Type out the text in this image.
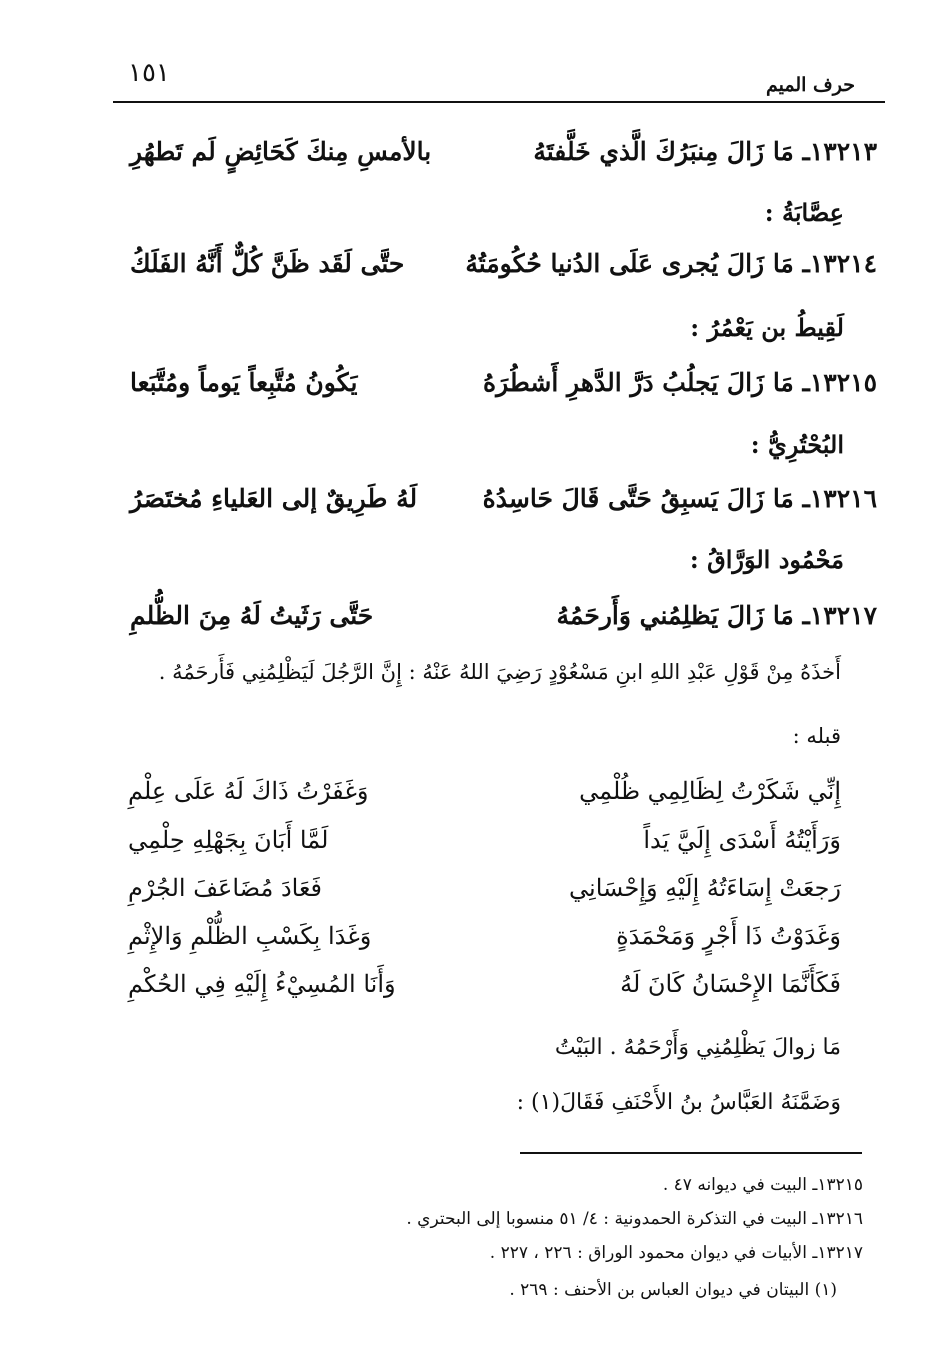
١٥١	حرف الميم
١٣٢١٣ـ مَا زَالَ مِنبَرُكَ الَّذي خَلَّفتَهُ
بالأمسِ مِنكَ كَحَائِضٍ لَم تَطهُرِ
عِصَّابَةُ :
١٣٢١٤ـ مَا زَالَ يُجرى عَلَى الدُنيا حُكُومَتُهُ
حتَّى لَقَد ظَنَّ كُلٌّ أَنَّهُ الفَلَكُ
لَقِيطُ بن يَعْمُرُ :
١٣٢١٥ـ مَا زَالَ يَجلُبُ دَرَّ الدَّهرِ أَشطُرَهُ
يَكُونُ مُتَّبِعاً يَوماً ومُتَّبَعا
البُحْتُرِيُّ :
١٣٢١٦ـ مَا زَالَ يَسبِقُ حَتَّى قَالَ حَاسِدُهُ
لَهُ طَرِيقٌ إلى العَلياءِ مُختَصَرُ
مَحْمُود الوَرَّاقُ :
١٣٢١٧ـ مَا زَالَ يَظلِمُني وَأَرحَمُهُ
حَتَّى رَثَيتُ لَهُ مِنَ الظُّلمِ
أَخذَهُ مِنْ قَوْلِ عَبْدِ اللهِ ابنِ مَسْعُوْدٍ رَضِيَ اللهُ عَنْهُ : إِنَّ الرَّجُلَ لَيَظْلِمُنِي فَأَرحَمُهُ .
قبله :
إِنِّي شَكَرْتُ لِظَالِمِي ظُلْمِي
وَغَفَرْتُ ذَاكَ لَهُ عَلَى عِلْمِ
وَرَأَيْتُهُ أَسْدَى إِلَيَّ يَداً
لَمَّا أَبَانَ بِجَهْلِهِ حِلْمِي
رَجعَتْ إِسَاءَتُهُ إِلَيْهِ وَإِحْسَانِي
فَعَادَ مُضَاعَفَ الجُرْمِ
وَغَدَوْتُ ذَا أَجْرٍ وَمَحْمَدَةٍ
وَغَدَا بِكَسْبِ الظُّلْمِ وَالإِثْمِ
فَكَأَنَّمَا الإِحْسَانُ كَانَ لَهُ
وَأَنَا المُسِيْءُ إِلَيْهِ فِي الحُكْمِ
مَا زوالَ يَظْلِمُنِي وَأَرْحَمُهُ . البَيْتُ
وَضَمَّنَهُ العَبَّاسُ بنُ الأَحْنَفِ فَقَالَ(١) :
١٣٢١٥ـ البيت في ديوانه ٤٧ .
١٣٢١٦ـ البيت في التذكرة الحمدونية : ٤/ ٥١ منسوبا إلى البحتري .
١٣٢١٧ـ الأبيات في ديوان محمود الوراق : ٢٢٦ ، ٢٢٧ .
(١) البيتان في ديوان العباس بن الأحنف : ٢٦٩ .
